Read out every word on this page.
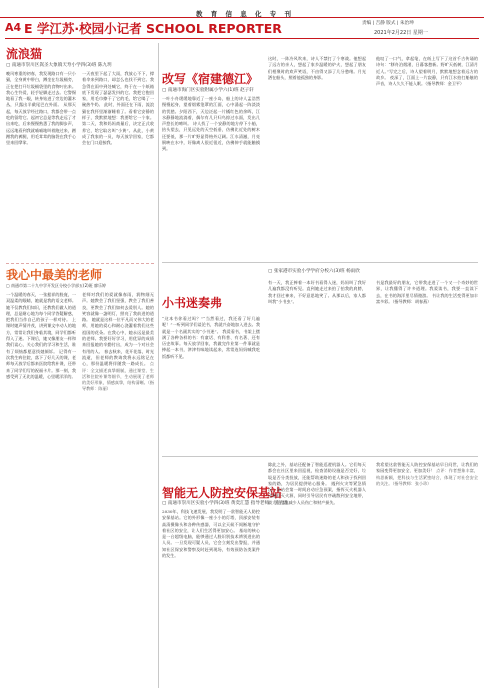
教 育 信 息 化 专 刊
A4 E 学江苏·校园小记者 SCHOOL REPORTER	责编 | 吉静 版式 | 朱治坤
2021年2月22日 星期一
流浪猫
▢ 南通市崇川区嵩圣大象镇天寿小学四(3)班 陈九玥
晚风寒重的初春，我发现路口有一只小猫，全身黄中带白，蹲坐在垃圾桶旁，正在把打开垃圾桶袋里的食物叼出来。我心生怜爱，轻手轻脚走过去。它警惕地看了我一眼，转身钻进了旁边的灌木丛，只露出半截尾巴在外面。 从那天起，每天放学经过路口，我都会带一点吃的留给它。起初它总是等我走远了才出来吃，后来慢慢熟悉了我的脚步声，远远地看到我就喵喵地叫着跑过来，蹭蹭我的裤腿，用毛茸茸的脑袋在我手心里来回摩挲。
一天夜里下起了大雨，我放心不下，撑着伞来到路口，却怎么也找不到它。我急得在雨中到处喊它，终于在一个纸箱底下发现了瑟瑟发抖的它。我把它抱回家，用毛巾擦干了它的毛，给它喝了一碗热牛奶。 此时，外面还在下雨，流浪猫在我怀里渐渐睡着了。看着它安静的样子，我默默地想：我要给它一个家。 第二天，我和妈妈商量后，决定正式收养它，给它取名叫“小黄”。从此，小黄成了我家的一员，每天放学回家，它都会在门口迎接我。
我心中最美的老师
▢ 南通市第二十九中学开发区分校小学部五(2)班 廖乐婷
一个温暖的春天，一张慈祥的脸庞，一双温柔的眼睛，她就是我的语文老师。她不仅教我们知识，还教我们做人的道理，总是耐心地为每个同学答疑解惑，把我们当作自己的孩子一样对待。 上课时她声情并茂，讲到课文中动人的地方，常常让我们身临其境，同学们都听得入了迷。下课后，她又像朋友一样和我们谈心，关心我们的学习和生活，谁有了烦恼都愿意找她倾诉。 记得有一次我生病住院，落下了好几天的课，老师每天放学后都来医院给我补课，还带来了同学们写的祝福卡片。那一刻，我感受到了无比的温暖，心里暖洋洋的。
老师对我们的爱就像春雨，润物细无声。她教会了我们坚强，教会了我们善良，更教会了我们如何去爱别人。她的笑容就像一盏明灯，照亮了我前进的道路。 她就是这样一位平凡而又伟大的老师，用她的爱心和耐心浇灌着我们这些祖国的花朵。在我心中，她永远是最美的老师。我要好好学习，用优异的成绩来回报她的辛勤付出，成为一个对社会有用的人。 春去秋来，花开花落，时光流逝，但老师的教诲我将永远铭记在心，那份温暖将伴随我一路成长。 点评：全文描述真挚细腻，通过课堂、生活和住院补课等细节，生动展现了老师的美好形象，情感真挚，结构清晰。（指导教师：陈丽）
改写《宿建德江》
▢ 南通市海门区实验附属小学六(1)班 赵子轩
一叶小舟缓缓地靠近了一座小岛，船上的诗人孟浩然慢慢起身，望着烟雾笼罩的江面，心中涌起一阵淡淡的忧愁。夕阳西下，天边泛起一片橘红色的余晖，江水静静地流淌着，偶尔有几只归鸟掠过水面，发出几声悠长的啼叫。 诗人找了一个安静的地方停下小船，抬头望去，只见远处的天空低垂，仿佛比近处的树木还要低，那一片旷野显得格外辽阔。江水清澈，月亮倒映在水中，好像离人很近很近，仿佛伸手就能触摸到。
这时，一阵冷风吹来，诗人不禁打了个寒战。他想起了远方的亲人，想起了家乡温暖的炉火，想起了朋友们相聚时的欢声笑语，不由得又添了几分愁绪。月光洒在船头，照着他孤独的身影。
他叹了一口气，拿起笔，在纸上写下了这首千古传诵的诗句：“移舟泊烟渚，日暮客愁新。野旷天低树，江清月近人。”写完之后，诗人望着明月，默默地想念着远方的故乡。 夜深了，江面上一片寂静，只有江水拍打船舷的声音，诗人久久不能入眠。（指导教师：金卫平）
小书迷奏弗
▢ 张家港市实验小学学府分校六(3)班 杨雨欣
“这本书你看过吗？”“当然看过，我还看了好几遍呢！”一听到同学们谈论书，我就兴奋地加入进去。我就是一个名副其实的“小书迷”。 我爱看书，书架上摆满了各种各样的书：有童话、有科普、有名著、还有历史故事。每天放学回家，我做完作业第一件事就是捧起一本书，津津有味地读起来，常常连妈妈喊我吃饭都听不见。
有一天，我正捧着一本好书看得入迷，妈妈叫了我好几遍我都没有听见。直到她走过来拍了拍我的肩膀，我才回过神来，不好意思地笑了。从那以后，家人都叫我“小书虫”。
书是我最好的朋友，它带我走进了一个又一个奇妙的世界，让我懂得了许多道理。我爱读书，我要一直读下去，在书的海洋里尽情遨游。 书让我的生活变得更加丰富多彩。（指导教师：胡春燕）
智能无人防控安保基站
▢ 南通市崇川区实验小学四(3)班 黄奕汇慧 指导老师：王子恩
2030年，科技飞速发展，我发明了一款智能无人防控安保基站。它的外形像一座小小的灯塔，顶部安装有高清摄像头和各种传感器，可以全天候不间断地守护着社区的安全，让人们生活得更加安心。 基站的核心是一台超级电脑，能够通过人脸识别技术辨别进出的人员。一旦发现可疑人员，它会立刻发出警报，并通知社区保安和警察及时赶到现场，有效预防各类案件的发生。
除此之外，基站还配备了智能巡逻机器人。它们每天都会在社区里来回巡视，检查消防设施是否完好，垃圾是否分类投放，还能帮助迷路的老人和孩子找到回家的路，为居民提供贴心服务。 遇到火灾等紧急情况，基站会第一时间启动应急预案，指挥灭火机器人迅速扑灭火源，同时引导居民有序疏散到安全地带，最大程度地减少人员伤亡和财产损失。
我希望这款智能无人防控安保基站早日问世，让我们的家园变得更加安全、更加美好！ 点评：作者想象丰富，构思新颖，把科技与生活紧密结合，体现了对社会安全的关注。（指导教师：张小珍）
